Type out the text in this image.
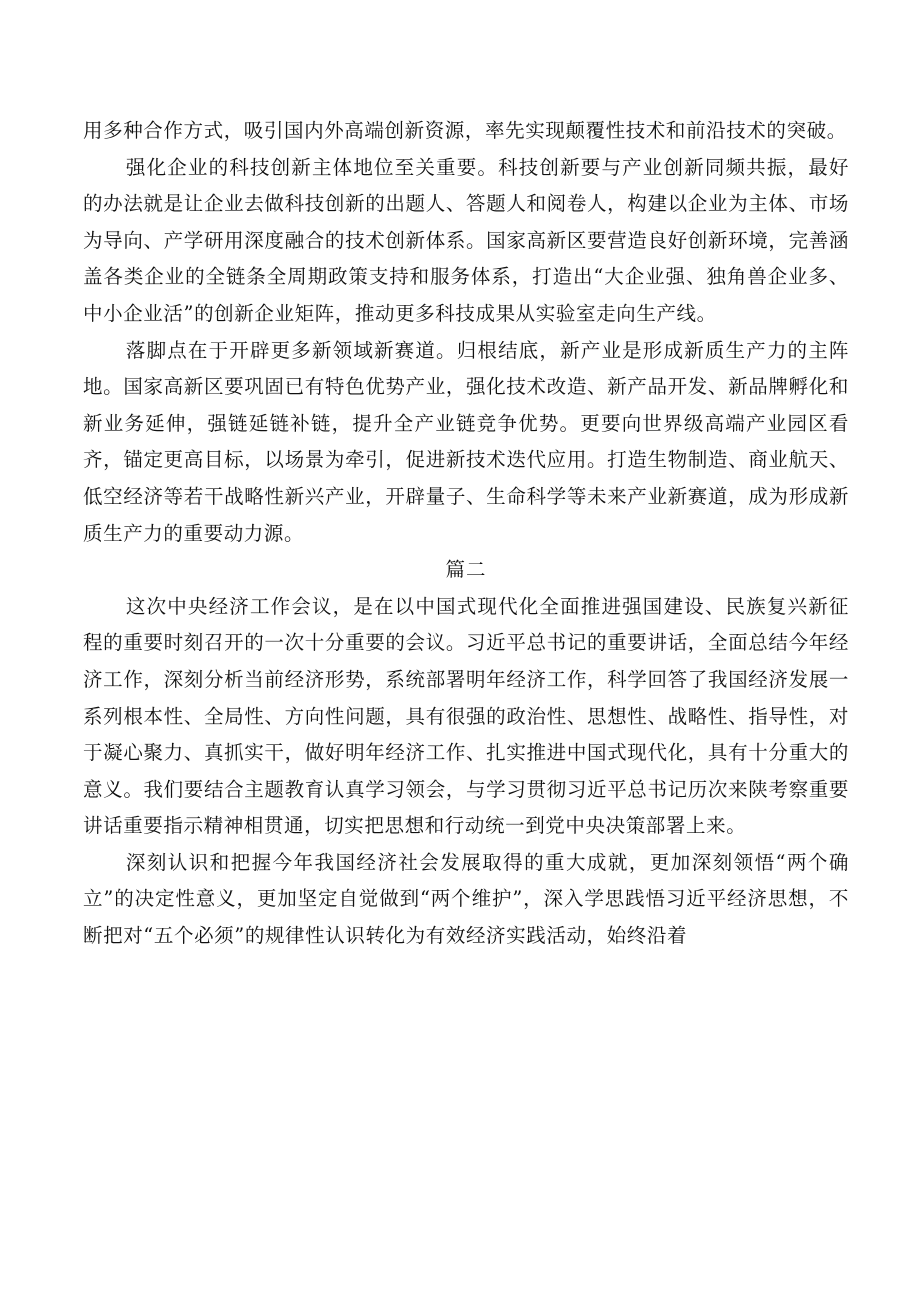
用多种合作方式，吸引国内外高端创新资源，率先实现颠覆性技术和前沿技术的突破。

强化企业的科技创新主体地位至关重要。科技创新要与产业创新同频共振，最好的办法就是让企业去做科技创新的出题人、答题人和阅卷人，构建以企业为主体、市场为导向、产学研用深度融合的技术创新体系。国家高新区要营造良好创新环境，完善涵盖各类企业的全链条全周期政策支持和服务体系，打造出“大企业强、独角兽企业多、中小企业活”的创新企业矩阵，推动更多科技成果从实验室走向生产线。

落脚点在于开辟更多新领域新赛道。归根结底，新产业是形成新质生产力的主阵地。国家高新区要巩固已有特色优势产业，强化技术改造、新产品开发、新品牌孵化和新业务延伸，强链延链补链，提升全产业链竞争优势。更要向世界级高端产业园区看齐，锚定更高目标，以场景为牵引，促进新技术迭代应用。打造生物制造、商业航天、低空经济等若干战略性新兴产业，开辟量子、生命科学等未来产业新赛道，成为形成新质生产力的重要动力源。

篇二

这次中央经济工作会议，是在以中国式现代化全面推进强国建设、民族复兴新征程的重要时刻召开的一次十分重要的会议。习近平总书记的重要讲话，全面总结今年经济工作，深刻分析当前经济形势，系统部署明年经济工作，科学回答了我国经济发展一系列根本性、全局性、方向性问题，具有很强的政治性、思想性、战略性、指导性，对于凝心聚力、真抓实干，做好明年经济工作、扎实推进中国式现代化，具有十分重大的意义。我们要结合主题教育认真学习领会，与学习贯彻习近平总书记历次来陕考察重要讲话重要指示精神相贯通，切实把思想和行动统一到党中央决策部署上来。

深刻认识和把握今年我国经济社会发展取得的重大成就，更加深刻领悟“两个确立”的决定性意义，更加坚定自觉做到“两个维护”，深入学思践悟习近平经济思想，不断把对“五个必须”的规律性认识转化为有效经济实践活动，始终沿着
